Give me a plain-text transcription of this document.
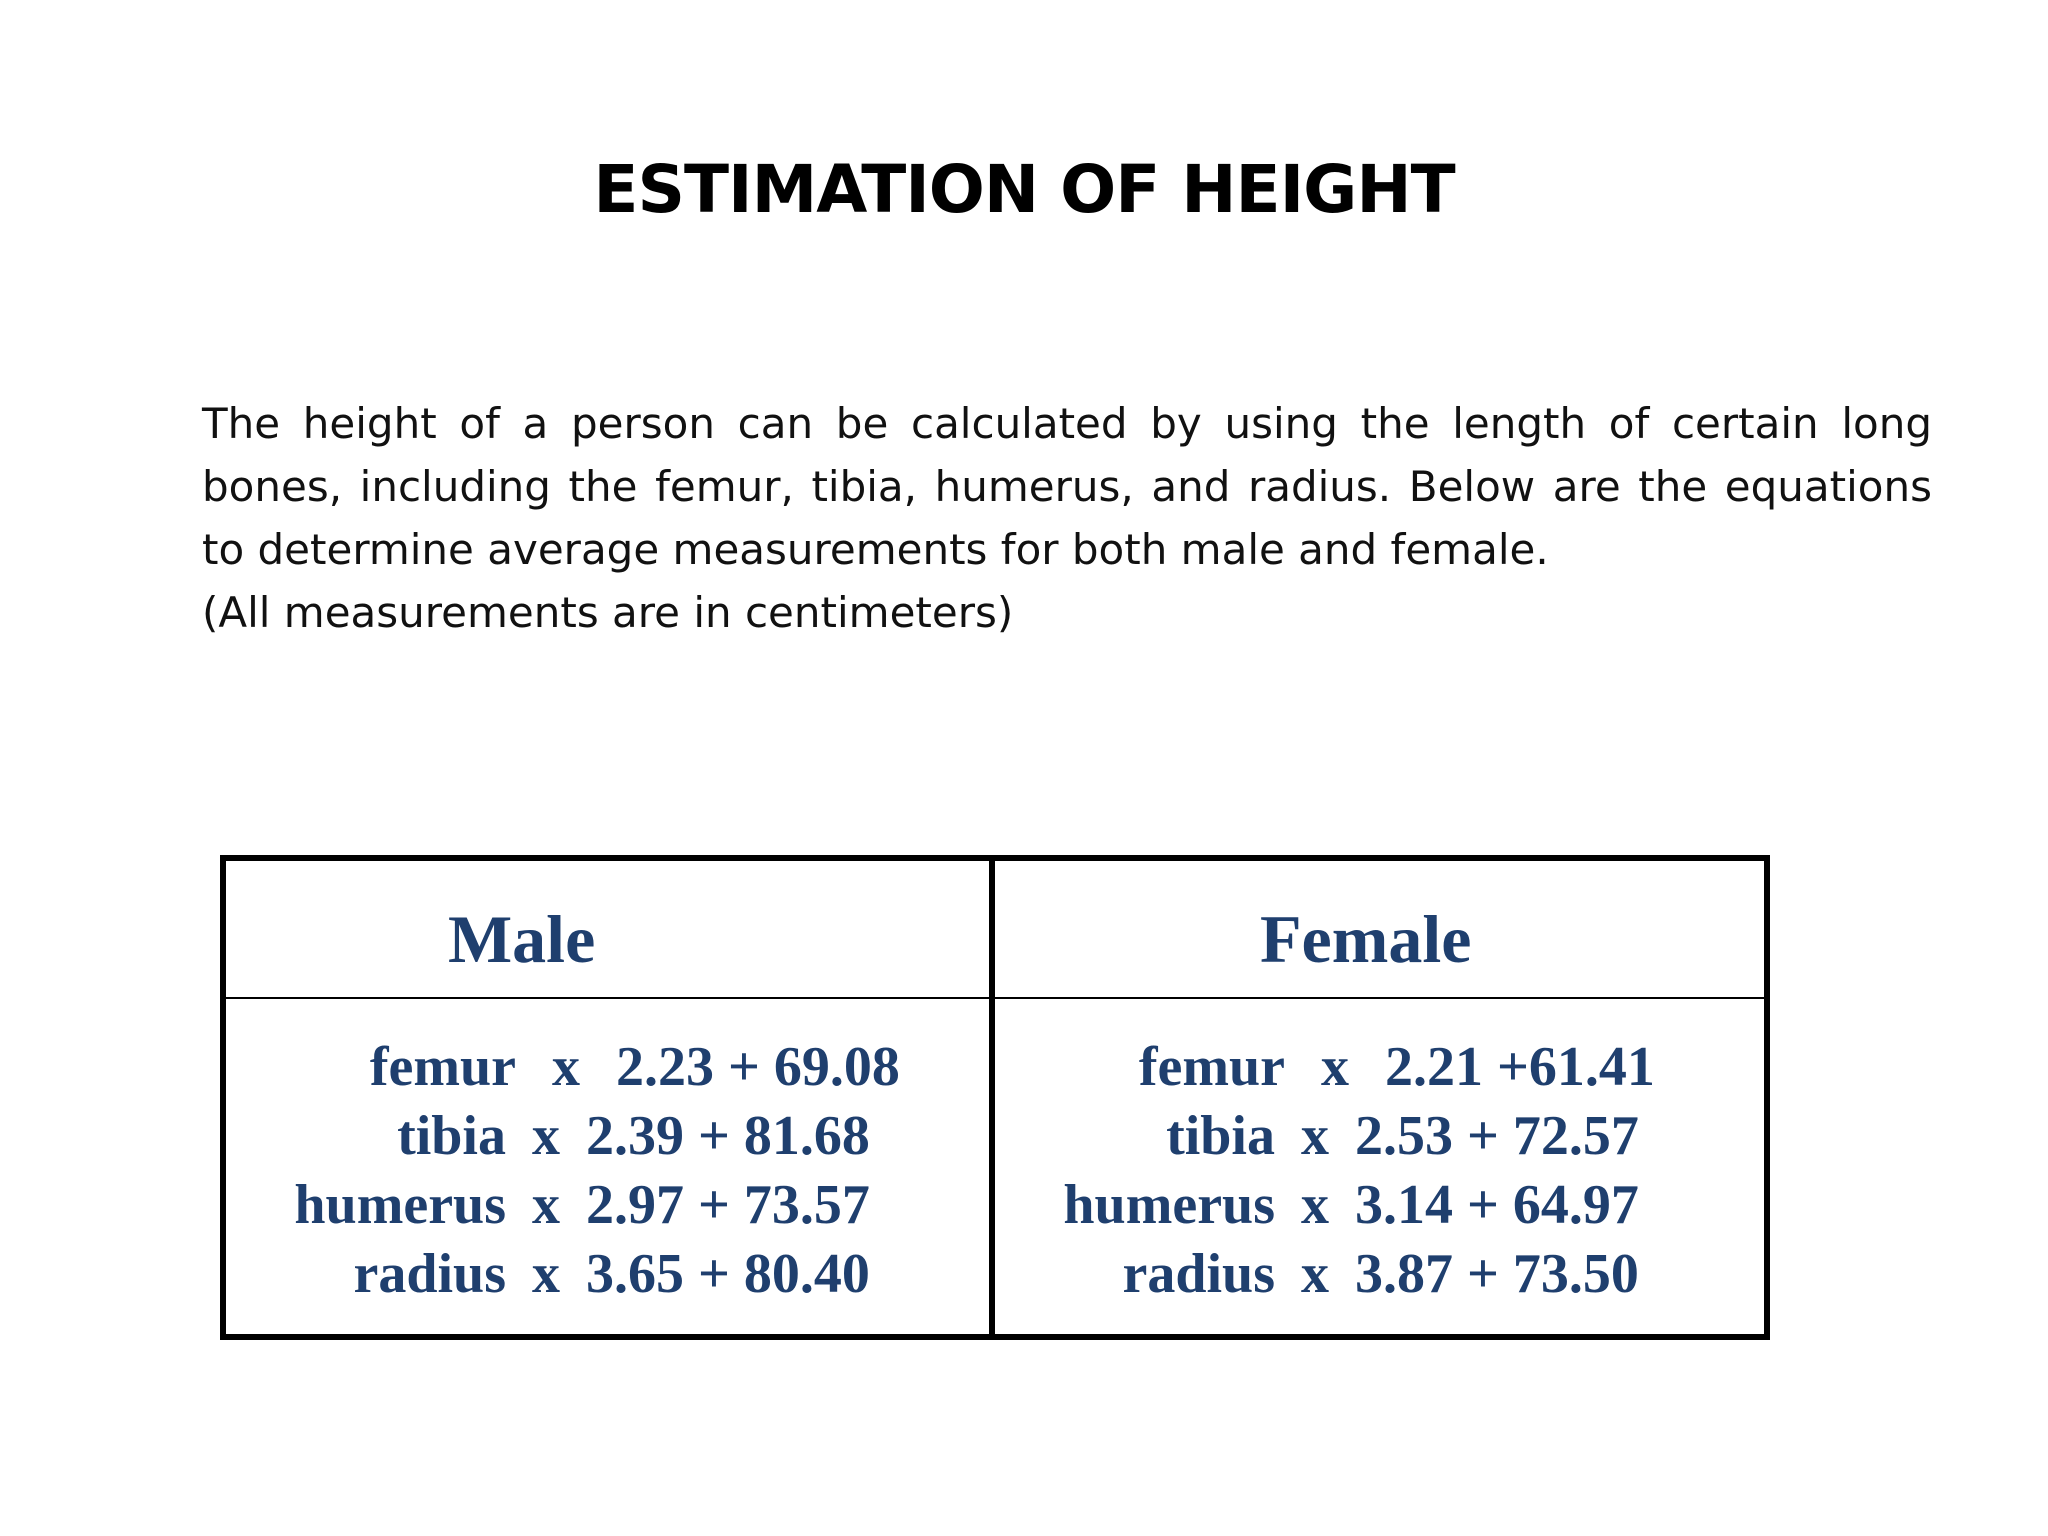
ESTIMATION OF HEIGHT

The height of a person can be calculated by using the length of certain long bones, including the femur, tibia, humerus, and radius. Below are the equations to determine average measurements for both male and female.
(All measurements are in centimeters)

Male
femur x 2.23 + 69.08
tibia x 2.39 + 81.68
humerus x 2.97 + 73.57
radius x 3.65 + 80.40
Female
femur x 2.21 +61.41
tibia x 2.53 + 72.57
humerus x 3.14 + 64.97
radius x 3.87 + 73.50
